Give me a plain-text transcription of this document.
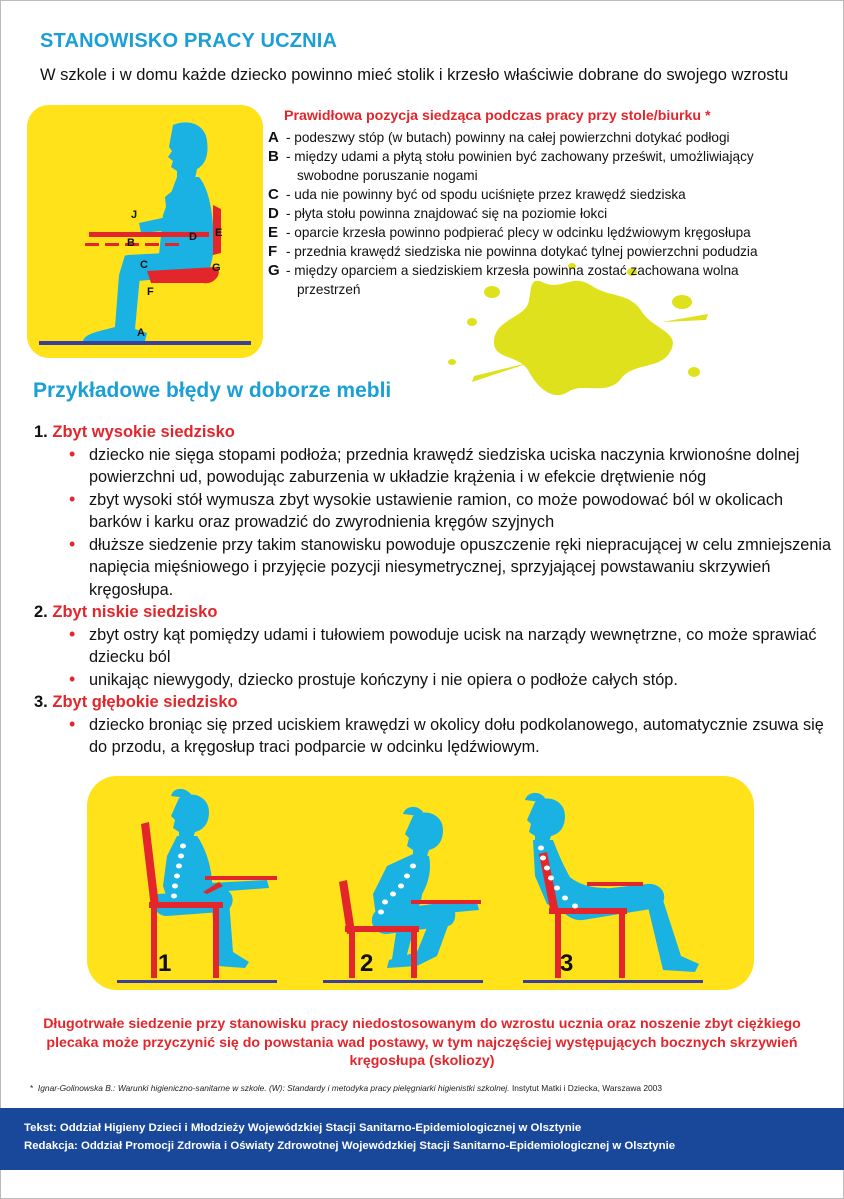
STANOWISKO PRACY UCZNIA
W szkole i w domu każde dziecko powinno mieć stolik i krzesło właściwie dobrane do swojego wzrostu
J
B	D E
C	G
F
A
Prawidłowa pozycja siedząca podczas pracy przy stole/biurku *
A - podeszwy stóp (w butach) powinny na całej powierzchni dotykać podłogi
B - między udami a płytą stołu powinien być zachowany prześwit, umożliwiający swobodne poruszanie nogami
C - uda nie powinny być od spodu uciśnięte przez krawędź siedziska
D - płyta stołu powinna znajdować się na poziomie łokci
E - oparcie krzesła powinno podpierać plecy w odcinku lędźwiowym kręgosłupa
F - przednia krawędź siedziska nie powinna dotykać tylnej powierzchni podudzia
G - między oparciem a siedziskiem krzesła powinna zostać zachowana wolna przestrzeń
Przykładowe błędy w doborze mebli
1. Zbyt wysokie siedzisko
• dziecko nie sięga stopami podłoża; przednia krawędź siedziska uciska naczynia krwionośne dolnej powierzchni ud, powodując zaburzenia w układzie krążenia i w efekcie drętwienie nóg
• zbyt wysoki stół wymusza zbyt wysokie ustawienie ramion, co może powodować ból w okolicach barków i karku oraz prowadzić do zwyrodnienia kręgów szyjnych
• dłuższe siedzenie przy takim stanowisku powoduje opuszczenie ręki niepracującej w celu zmniejszenia napięcia mięśniowego i przyjęcie pozycji niesymetrycznej, sprzyjającej powstawaniu skrzywień kręgosłupa.
2. Zbyt niskie siedzisko
• zbyt ostry kąt pomiędzy udami i tułowiem powoduje ucisk na narządy wewnętrzne, co może sprawiać dziecku ból
• unikając niewygody, dziecko prostuje kończyny i nie opiera o podłoże całych stóp.
3. Zbyt głębokie siedzisko
• dziecko broniąc się przed uciskiem krawędzi w okolicy dołu podkolanowego, automatycznie zsuwa się do przodu, a kręgosłup traci podparcie w odcinku lędźwiowym.
1	2	3
Długotrwałe siedzenie przy stanowisku pracy niedostosowanym do wzrostu ucznia oraz noszenie zbyt ciężkiego plecaka może przyczynić się do powstania wad postawy, w tym najczęściej występujących bocznych skrzywień kręgosłupa (skoliozy)
* Ignar-Golinowska B.: Warunki higieniczno-sanitarne w szkole. (W): Standardy i metodyka pracy pielęgniarki higienistki szkolnej. Instytut Matki i Dziecka, Warszawa 2003
Tekst: Oddział Higieny Dzieci i Młodzieży Wojewódzkiej Stacji Sanitarno-Epidemiologicznej w Olsztynie
Redakcja: Oddział Promocji Zdrowia i Oświaty Zdrowotnej Wojewódzkiej Stacji Sanitarno-Epidemiologicznej w Olsztynie
